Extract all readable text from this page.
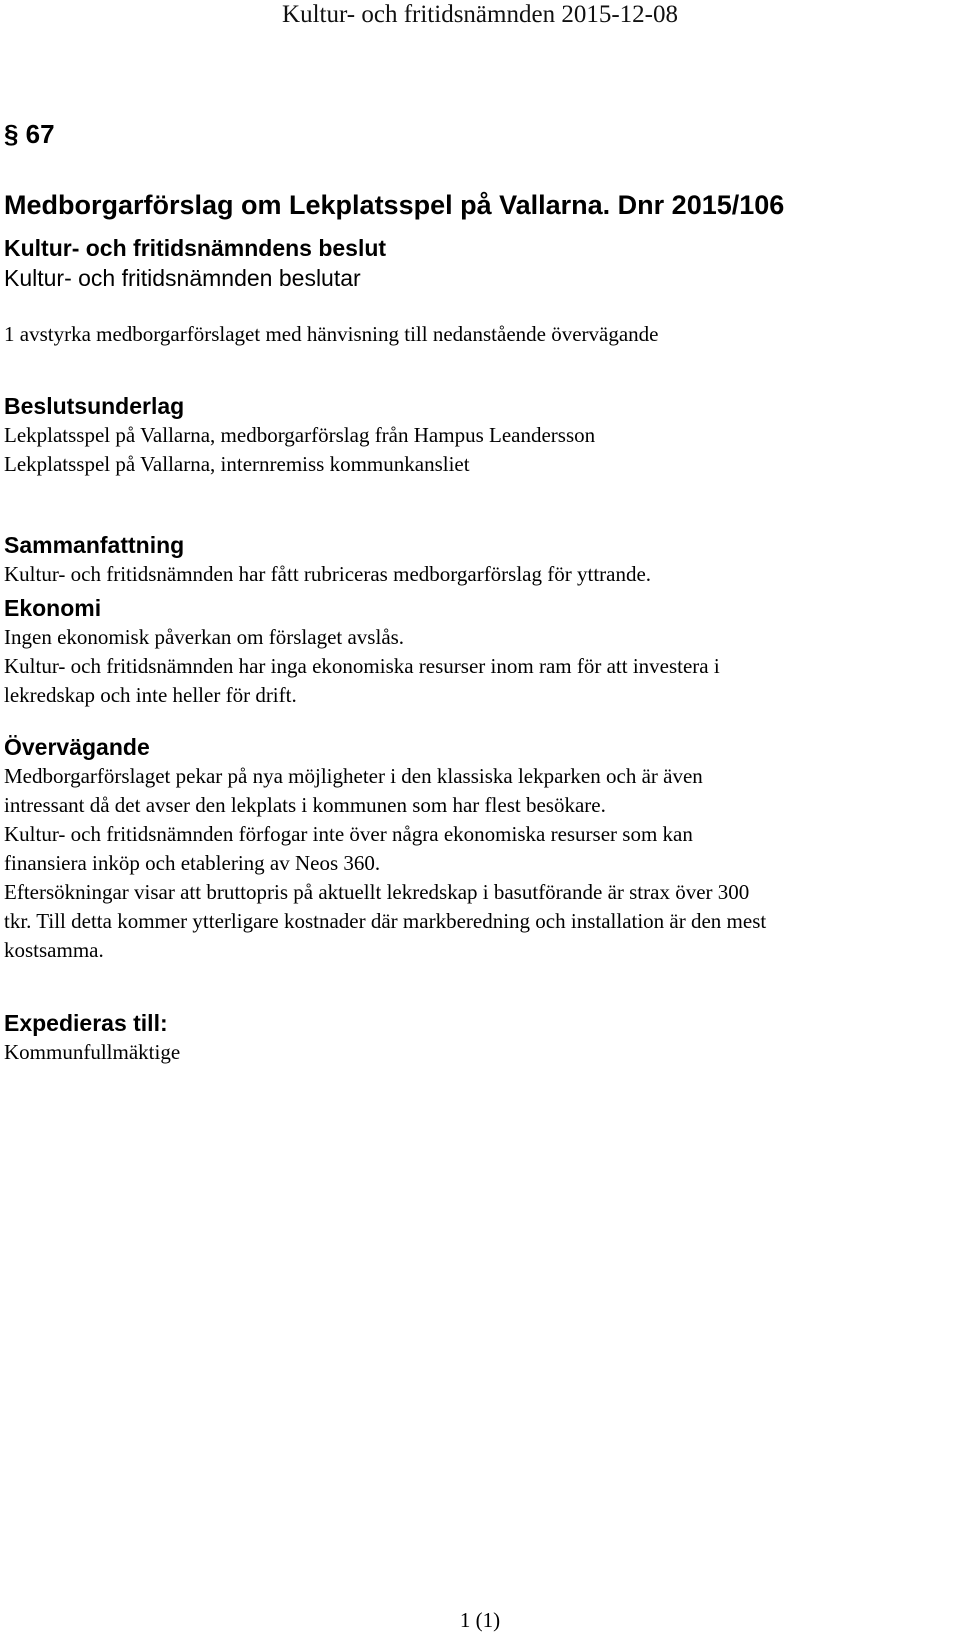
Kultur- och fritidsnämnden 2015-12-08
§ 67
Medborgarförslag om Lekplatsspel på Vallarna. Dnr 2015/106
Kultur- och fritidsnämndens beslut
Kultur- och fritidsnämnden beslutar
1 avstyrka medborgarförslaget med hänvisning till nedanstående övervägande
Beslutsunderlag
Lekplatsspel på Vallarna, medborgarförslag från Hampus Leandersson
Lekplatsspel på Vallarna, internremiss kommunkansliet
Sammanfattning
Kultur- och fritidsnämnden har fått rubriceras medborgarförslag för yttrande.
Ekonomi
Ingen ekonomisk påverkan om förslaget avslås.
Kultur- och fritidsnämnden har inga ekonomiska resurser inom ram för att investera i
lekredskap och inte heller för drift.
Övervägande
Medborgarförslaget pekar på nya möjligheter i den klassiska lekparken och är även
intressant då det avser den lekplats i kommunen som har flest besökare.
Kultur- och fritidsnämnden förfogar inte över några ekonomiska resurser som kan
finansiera inköp och etablering av Neos 360.
Eftersökningar visar att bruttopris på aktuellt lekredskap i basutförande är strax över 300
tkr. Till detta kommer ytterligare kostnader där markberedning och installation är den mest
kostsamma.
Expedieras till:
Kommunfullmäktige
1 (1)
